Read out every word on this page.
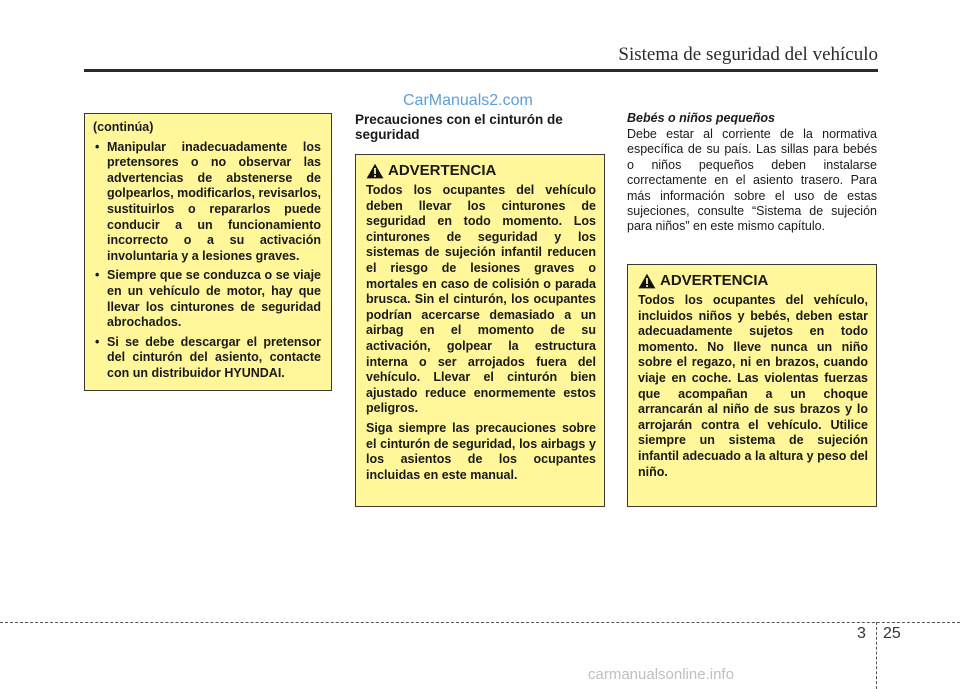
Sistema de seguridad del vehículo
CarManuals2.com

(continúa)

• Manipular inadecuadamente los pretensores o no observar las advertencias de abstenerse de golpearlos, modificarlos, revisarlos, sustituirlos o repararlos puede conducir a un funcionamiento incorrecto o a su activación involuntaria y a lesiones graves.
• Siempre que se conduzca o se viaje en un vehículo de motor, hay que llevar los cinturones de seguridad abrochados.
• Si se debe descargar el pretensor del cinturón del asiento, contacte con un distribuidor HYUNDAI.
Precauciones con el cinturón de seguridad
ADVERTENCIA

Todos los ocupantes del vehículo deben llevar los cinturones de seguridad en todo momento. Los cinturones de seguridad y los sistemas de sujeción infantil reducen el riesgo de lesiones graves o mortales en caso de colisión o parada brusca. Sin el cinturón, los ocupantes podrían acercarse demasiado a un airbag en el momento de su activación, golpear la estructura interna o ser arrojados fuera del vehículo. Llevar el cinturón bien ajustado reduce enormemente estos peligros.

Siga siempre las precauciones sobre el cinturón de seguridad, los airbags y los asientos de los ocupantes incluidas en este manual.

Bebés o niños pequeños

Debe estar al corriente de la normativa específica de su país. Las sillas para bebés o niños pequeños deben instalarse correctamente en el asiento trasero. Para más información sobre el uso de estas sujeciones, consulte “Sistema de sujeción para niños” en este mismo capítulo.

ADVERTENCIA

Todos los ocupantes del vehículo, incluidos niños y bebés, deben estar adecuadamente sujetos en todo momento. No lleve nunca un niño sobre el regazo, ni en brazos, cuando viaje en coche. Las violentas fuerzas que acompañan a un choque arrancarán al niño de sus brazos y lo arrojarán contra el vehículo. Utilice siempre un sistema de sujeción infantil adecuado a la altura y peso del niño.

3 25
carmanualsonline.info
